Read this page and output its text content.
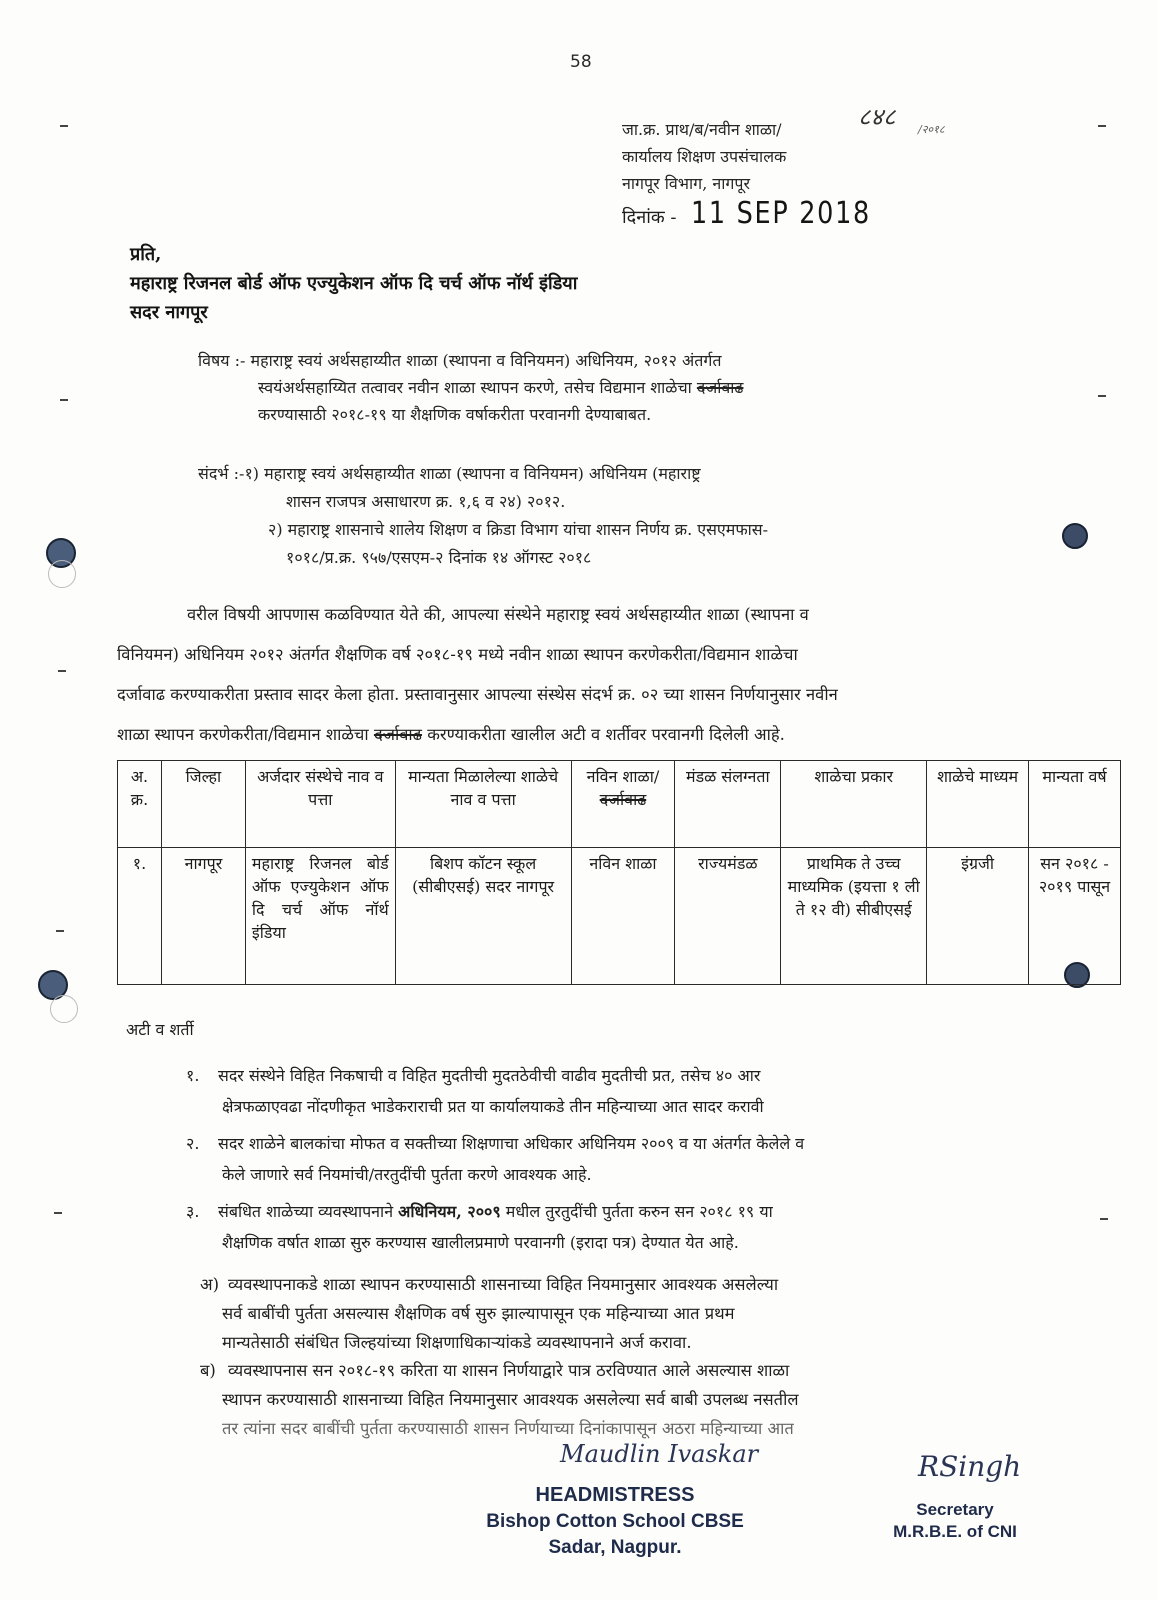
58
८४८ /२०१८
जा.क्र. प्राथ/ब/नवीन शाळा/
कार्यालय शिक्षण उपसंचालक
नागपूर विभाग, नागपूर
दिनांक - 11 SEP 2018
प्रति,
महाराष्ट्र रिजनल बोर्ड ऑफ एज्युकेशन ऑफ दि चर्च ऑफ नॉर्थ इंडिया
सदर नागपूर
विषय :- महाराष्ट्र स्वयं अर्थसहाय्यीत शाळा (स्थापना व विनियमन) अधिनियम, २०१२ अंतर्गत
स्वयंअर्थसहाय्यित तत्वावर नवीन शाळा स्थापन करणे, तसेच विद्यमान शाळेचा दर्जावाढ
करण्यासाठी २०१८-१९ या शैक्षणिक वर्षाकरीता परवानगी देण्याबाबत.
संदर्भ :-१) महाराष्ट्र स्वयं अर्थसहाय्यीत शाळा (स्थापना व विनियमन) अधिनियम (महाराष्ट्र
शासन राजपत्र असाधारण क्र. १,६ व २४) २०१२.
२) महाराष्ट्र शासनाचे शालेय शिक्षण व क्रिडा विभाग यांचा शासन निर्णय क्र. एसएमफास-
१०१८/प्र.क्र. ९५७/एसएम-२ दिनांक १४ ऑगस्ट २०१८
वरील विषयी आपणास कळविण्यात येते की, आपल्या संस्थेने महाराष्ट्र स्वयं अर्थसहाय्यीत शाळा (स्थापना व
विनियमन) अधिनियम २०१२ अंतर्गत शैक्षणिक वर्ष २०१८-१९ मध्ये नवीन शाळा स्थापन करणेकरीता/विद्यमान शाळेचा
दर्जावाढ करण्याकरीता प्रस्ताव सादर केला होता. प्रस्तावानुसार आपल्या संस्थेस संदर्भ क्र. ०२ च्या शासन निर्णयानुसार नवीन
शाळा स्थापन करणेकरीता/विद्यमान शाळेचा दर्जावाढ करण्याकरीता खालील अटी व शर्तीवर परवानगी दिलेली आहे.
अ. क्र.	जिल्हा	अर्जदार संस्थेचे नाव व पत्ता	मान्यता मिळालेल्या शाळेचे नाव व पत्ता	नविन शाळा/
दर्जावाढ	मंडळ संलग्नता	शाळेचा प्रकार	शाळेचे माध्यम	मान्यता वर्ष
१.	नागपूर	महाराष्ट्र रिजनल बोर्ड ऑफ एज्युकेशन ऑफ दि चर्च ऑफ नॉर्थ इंडिया	बिशप कॉटन स्कूल (सीबीएसई) सदर नागपूर	नविन शाळा	राज्यमंडळ	प्राथमिक ते उच्च माध्यमिक (इयत्ता १ ली ते १२ वी) सीबीएसई	इंग्रजी	सन २०१८ - २०१९ पासून
अटी व शर्ती
१. सदर संस्थेने विहित निकषाची व विहित मुदतीची मुदतठेवीची वाढीव मुदतीची प्रत, तसेच ४० आर
क्षेत्रफळाएवढा नोंदणीकृत भाडेकराराची प्रत या कार्यालयाकडे तीन महिन्याच्या आत सादर करावी
२. सदर शाळेने बालकांचा मोफत व सक्तीच्या शिक्षणाचा अधिकार अधिनियम २००९ व या अंतर्गत केलेले व
केले जाणारे सर्व नियमांची/तरतुदींची पुर्तता करणे आवश्यक आहे.
३. संबधित शाळेच्या व्यवस्थापनाने अधिनियम, २००९ मधील तुरतुदींची पुर्तता करुन सन २०१८ १९ या
शैक्षणिक वर्षात शाळा सुरु करण्यास खालीलप्रमाणे परवानगी (इरादा पत्र) देण्यात येत आहे.
अ) व्यवस्थापनाकडे शाळा स्थापन करण्यासाठी शासनाच्या विहित नियमानुसार आवश्यक असलेल्या
सर्व बाबींची पुर्तता असल्यास शैक्षणिक वर्ष सुरु झाल्यापासून एक महिन्याच्या आत प्रथम
मान्यतेसाठी संबंधित जिल्हयांच्या शिक्षणाधिकाऱ्यांकडे व्यवस्थापनाने अर्ज करावा.
ब) व्यवस्थापनास सन २०१८-१९ करिता या शासन निर्णयाद्वारे पात्र ठरविण्यात आले असल्यास शाळा
स्थापन करण्यासाठी शासनाच्या विहित नियमानुसार आवश्यक असलेल्या सर्व बाबी उपलब्ध नसतील
तर त्यांना सदर बाबींची पुर्तता करण्यासाठी शासन निर्णयाच्या दिनांकापासून अठरा महिन्याच्या आत
Maudlin Ivaskar
HEADMISTRESS
Bishop Cotton School CBSE
Sadar, Nagpur.
RSingh
Secretary
M.R.B.E. of CNI
